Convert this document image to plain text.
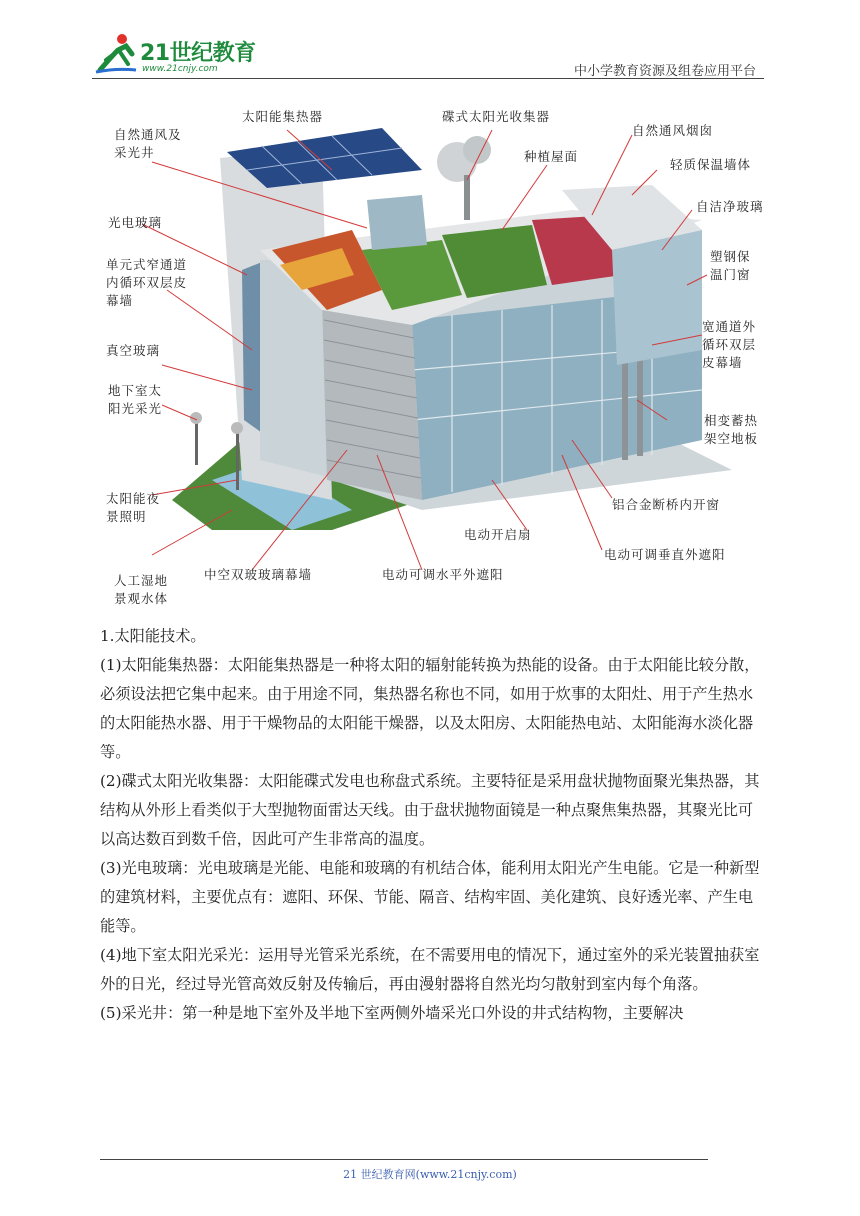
21世纪教育
www.21cnjy.com	中小学教育资源及组卷应用平台
太阳能集热器	碟式太阳光收集器
自然通风烟囱
自然通风及
采光井	种植屋面
轻质保温墙体
自洁净玻璃
光电玻璃
单元式窄通道
内循环双层皮
幕墙
塑钢保
温门窗
宽通道外
循环双层
皮幕墙
真空玻璃
地下室太
阳光采光
相变蓄热
架空地板
太阳能夜
景照明
铝合金断桥内开窗
电动开启扇
电动可调垂直外遮阳
人工湿地
景观水体
中空双玻玻璃幕墙	电动可调水平外遮阳

1.太阳能技术。

(1)太阳能集热器：太阳能集热器是一种将太阳的辐射能转换为热能的设备。由于太阳能比较分散，必须设法把它集中起来。由于用途不同，集热器名称也不同，如用于炊事的太阳灶、用于产生热水的太阳能热水器、用于干燥物品的太阳能干燥器，以及太阳房、太阳能热电站、太阳能海水淡化器等。

(2)碟式太阳光收集器：太阳能碟式发电也称盘式系统。主要特征是采用盘状抛物面聚光集热器，其结构从外形上看类似于大型抛物面雷达天线。由于盘状抛物面镜是一种点聚焦集热器，其聚光比可以高达数百到数千倍，因此可产生非常高的温度。

(3)光电玻璃：光电玻璃是光能、电能和玻璃的有机结合体，能利用太阳光产生电能。它是一种新型的建筑材料，主要优点有：遮阳、环保、节能、隔音、结构牢固、美化建筑、良好透光率、产生电能等。

(4)地下室太阳光采光：运用导光管采光系统，在不需要用电的情况下，通过室外的采光装置抽获室外的日光，经过导光管高效反射及传输后，再由漫射器将自然光均匀散射到室内每个角落。

(5)采光井：第一种是地下室外及半地下室两侧外墙采光口外设的井式结构物，主要解决

21 世纪教育网(www.21cnjy.com)
